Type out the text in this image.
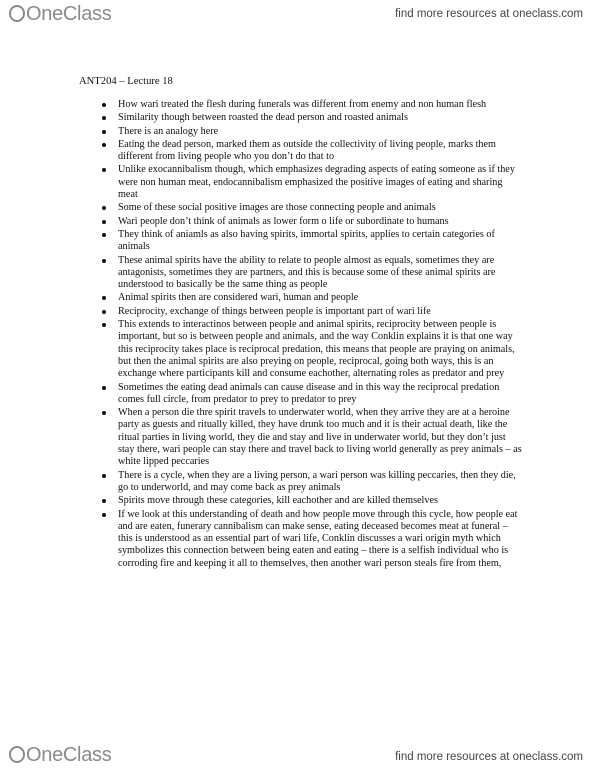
OneClass	find more resources at oneclass.com
ANT204 – Lecture 18
How wari treated the flesh during funerals was different from enemy and non human flesh
Similarity though between roasted the dead person and roasted animals
There is an analogy here
Eating the dead person, marked them as outside the collectivity of living people, marks them different from living people who you don’t do that to
Unlike exocannibalism though, which emphasizes degrading aspects of eating someone as if they were non human meat, endocannibalism emphasized the positive images of eating and sharing meat
Some of these social positive images are those connecting people and animals
Wari people don’t think of animals as lower form o life or subordinate to humans
They think of aniamls as also having spirits, immortal spirits, applies to certain categories of animals
These animal spirits have the ability to relate to people almost as equals, sometimes they are antagonists, sometimes they are partners, and this is because some of these animal spirits are understood to basically be the same thing as people
Animal spirits then are considered wari, human and people
Reciprocity, exchange of things between people is important part of wari life
This extends to interactinos between people and animal spirits, reciprocity between people is important, but so is between people and animals, and the way Conklin explains it is that one way this reciprocity takes place is reciprocal predation, this means that people are praying on animals, but then the animal spirits are also preying on people, reciprocal, going both ways, this is an exchange where participants kill and consume eachother, alternating roles as predator and prey
Sometimes the eating dead animals can cause disease and in this way the reciprocal predation comes full circle, from predator to prey to predator to prey
When a person die thre spirit travels to underwater world, when they arrive they are at a heroine party as guests and ritually killed, they have drunk too much and it is their actual death, like the ritual parties in living world, they die and stay and live in underwater world, but they don’t just stay there, wari people can stay there and travel back to living world generally as prey animals – as white lipped peccaries
There is a cycle, when they are a living person, a wari person was killing peccaries, then they die, go to underworld, and may come back as prey animals
Spirits move through these categories, kill eachother and are killed themselves
If we look at this understanding of death and how people move through this cycle, how people eat and are eaten, funerary cannibalism can make sense, eating deceased becomes meat at funeral – this is understood as an essential part of wari life, Conklin discusses a wari origin myth which symbolizes this connection between being eaten and eating – there is a selfish individual who is corroding fire and keeping it all to themselves, then another wari person steals fire from them,
OneClass	find more resources at oneclass.com
